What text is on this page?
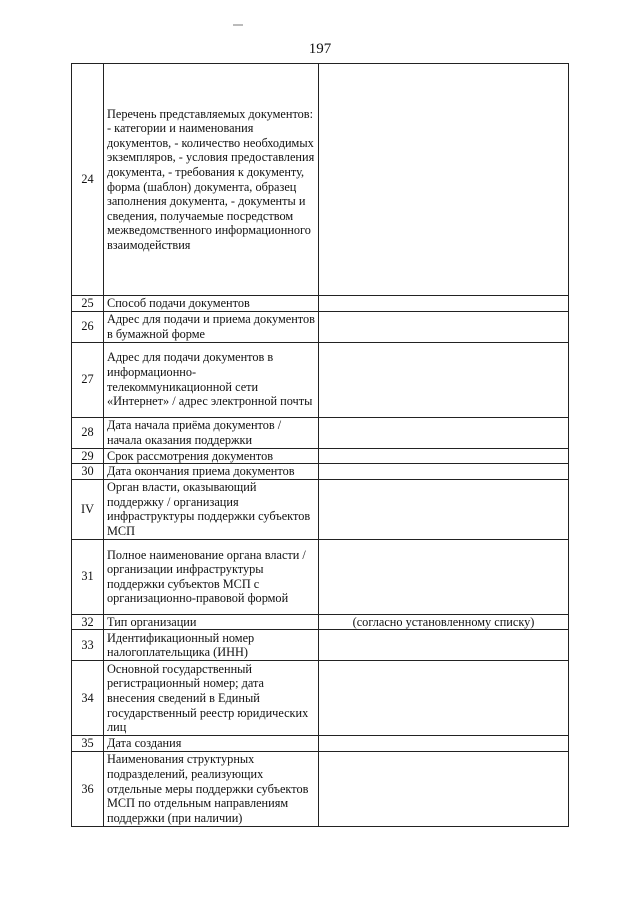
197
24	Перечень представляемых документов: - категории и наименования документов, - количество необходимых экземпляров, - условия предоставления документа, - требования к документу, форма (шаблон) документа, образец заполнения документа, - документы и сведения, получаемые посредством межведомственного информационного взаимодействия	
25	Способ подачи документов	
26	Адрес для подачи и приема документов в бумажной форме	
27	Адрес для подачи документов в информационно-телекоммуникационной сети «Интернет» / адрес электронной почты	
28	Дата начала приёма документов / начала оказания поддержки	
29	Срок рассмотрения документов	
30	Дата окончания приема документов	
IV	Орган власти, оказывающий поддержку / организация инфраструктуры поддержки субъектов МСП	
31	Полное наименование органа власти / организации инфраструктуры поддержки субъектов МСП с организационно-правовой формой	
32	Тип организации	(согласно установленному списку)
33	Идентификационный номер налогоплательщика (ИНН)	
34	Основной государственный регистрационный номер; дата внесения сведений в Единый государственный реестр юридических лиц	
35	Дата создания	
36	Наименования структурных подразделений, реализующих отдельные меры поддержки субъектов МСП по отдельным направлениям поддержки (при наличии)	
